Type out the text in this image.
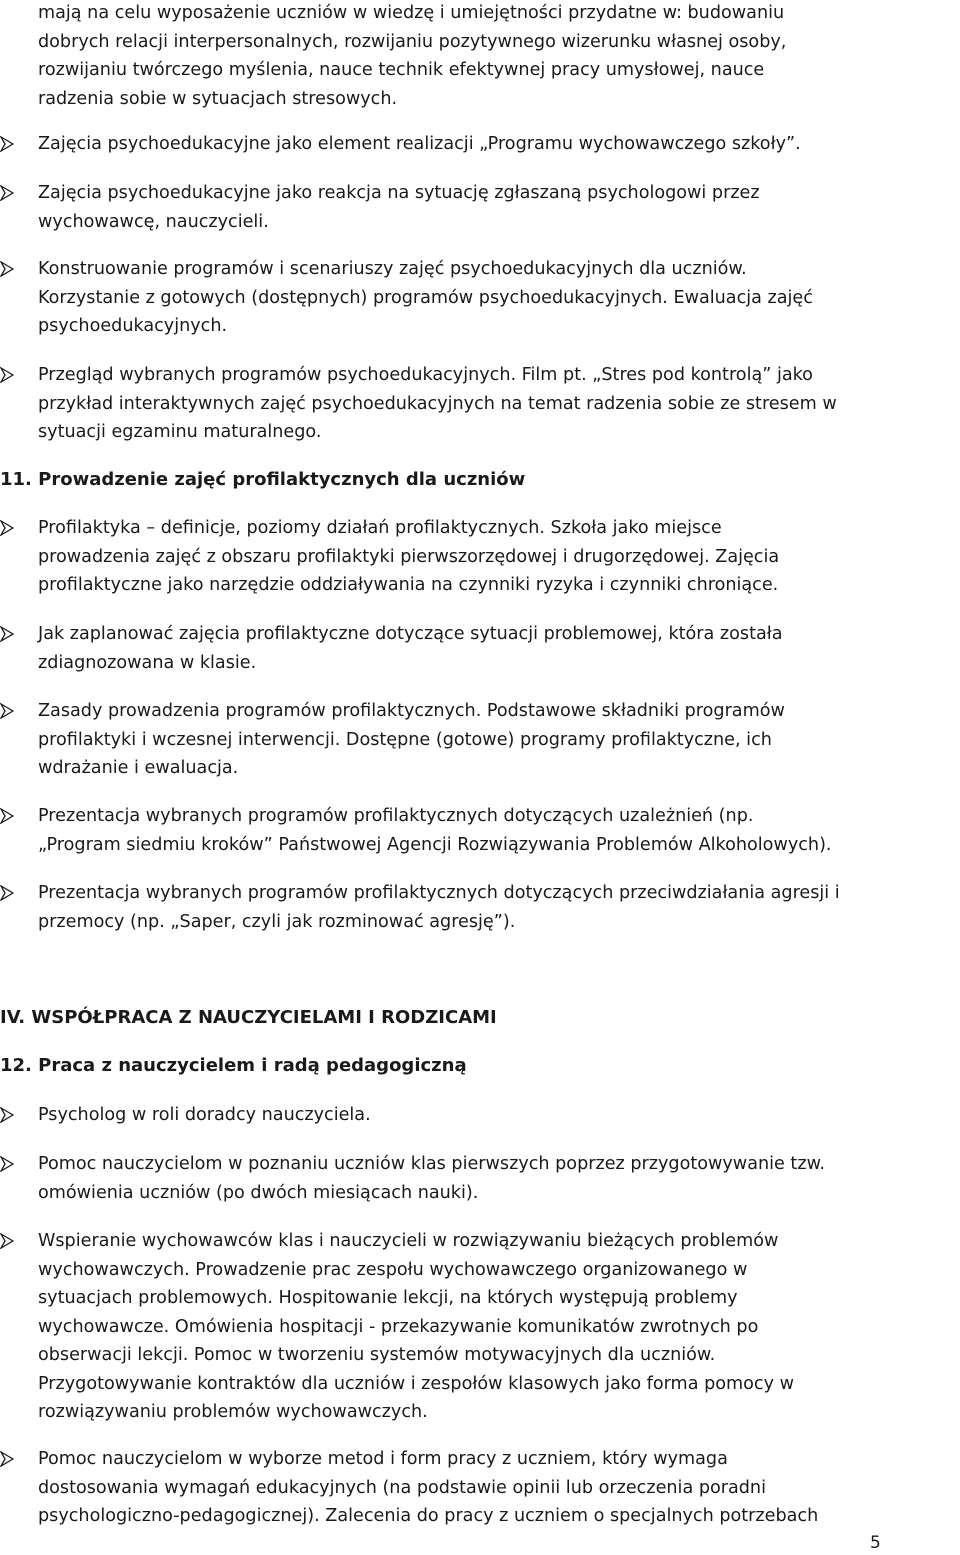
mają na celu wyposażenie uczniów w wiedzę i umiejętności przydatne w: budowaniu
dobrych relacji interpersonalnych, rozwijaniu pozytywnego wizerunku własnej osoby,
rozwijaniu twórczego myślenia, nauce technik efektywnej pracy umysłowej, nauce
radzenia sobie w sytuacjach stresowych.
Zajęcia psychoedukacyjne jako element realizacji „Programu wychowawczego szkoły”.
Zajęcia psychoedukacyjne jako reakcja na sytuację zgłaszaną psychologowi przez
wychowawcę, nauczycieli.
Konstruowanie programów i scenariuszy zajęć psychoedukacyjnych dla uczniów.
Korzystanie z gotowych (dostępnych) programów psychoedukacyjnych. Ewaluacja zajęć
psychoedukacyjnych.
Przegląd wybranych programów psychoedukacyjnych. Film pt. „Stres pod kontrolą” jako
przykład interaktywnych zajęć psychoedukacyjnych na temat radzenia sobie ze stresem w
sytuacji egzaminu maturalnego.
11. Prowadzenie zajęć profilaktycznych dla uczniów
Profilaktyka – definicje, poziomy działań profilaktycznych. Szkoła jako miejsce
prowadzenia zajęć z obszaru profilaktyki pierwszorzędowej i drugorzędowej. Zajęcia
profilaktyczne jako narzędzie oddziaływania na czynniki ryzyka i czynniki chroniące.
Jak zaplanować zajęcia profilaktyczne dotyczące sytuacji problemowej, która została
zdiagnozowana w klasie.
Zasady prowadzenia programów profilaktycznych. Podstawowe składniki programów
profilaktyki i wczesnej interwencji. Dostępne (gotowe) programy profilaktyczne, ich
wdrażanie i ewaluacja.
Prezentacja wybranych programów profilaktycznych dotyczących uzależnień (np.
„Program siedmiu kroków” Państwowej Agencji Rozwiązywania Problemów Alkoholowych).
Prezentacja wybranych programów profilaktycznych dotyczących przeciwdziałania agresji i
przemocy (np. „Saper, czyli jak rozminować agresję”).
IV. WSPÓŁPRACA Z NAUCZYCIELAMI I RODZICAMI
12. Praca z nauczycielem i radą pedagogiczną
Psycholog w roli doradcy nauczyciela.
Pomoc nauczycielom w poznaniu uczniów klas pierwszych poprzez przygotowywanie tzw.
omówienia uczniów (po dwóch miesiącach nauki).
Wspieranie wychowawców klas i nauczycieli w rozwiązywaniu bieżących problemów
wychowawczych. Prowadzenie prac zespołu wychowawczego organizowanego w
sytuacjach problemowych. Hospitowanie lekcji, na których występują problemy
wychowawcze. Omówienia hospitacji - przekazywanie komunikatów zwrotnych po
obserwacji lekcji. Pomoc w tworzeniu systemów motywacyjnych dla uczniów.
Przygotowywanie kontraktów dla uczniów i zespołów klasowych jako forma pomocy w
rozwiązywaniu problemów wychowawczych.
Pomoc nauczycielom w wyborze metod i form pracy z uczniem, który wymaga
dostosowania wymagań edukacyjnych (na podstawie opinii lub orzeczenia poradni
psychologiczno-pedagogicznej). Zalecenia do pracy z uczniem o specjalnych potrzebach
5
